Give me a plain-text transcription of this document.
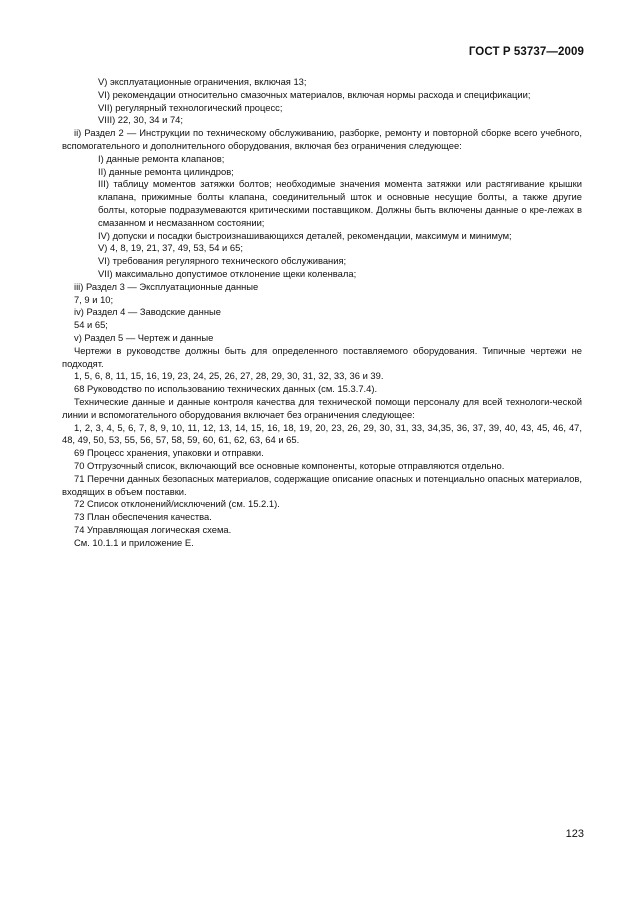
ГОСТ Р 53737—2009
V) эксплуатационные ограничения, включая 13;
VI) рекомендации относительно смазочных материалов, включая нормы расхода и спецификации;
VII) регулярный технологический процесс;
VIII) 22, 30, 34 и 74;
ii) Раздел 2 — Инструкции по техническому обслуживанию, разборке, ремонту и повторной сборке всего учебного, вспомогательного и дополнительного оборудования, включая без ограничения следующее:
I) данные ремонта клапанов;
II) данные ремонта цилиндров;
III) таблицу моментов затяжки болтов; необходимые значения момента затяжки или растягивание крышки клапана, прижимные болты клапана, соединительный шток и основные несущие болты, а также другие болты, которые подразумеваются критическими поставщиком. Должны быть включены данные о кре-лежах в смазанном и несмазанном состоянии;
IV) допуски и посадки быстроизнашивающихся деталей, рекомендации, максимум и минимум;
V) 4, 8, 19, 21, 37, 49, 53, 54 и 65;
VI) требования регулярного технического обслуживания;
VII) максимально допустимое отклонение щеки коленвала;
iii) Раздел 3 — Эксплуатационные данные
7, 9 и 10;
iv) Раздел 4 — Заводские данные
54 и 65;
v) Раздел 5 — Чертеж и данные
Чертежи в руководстве должны быть для определенного поставляемого оборудования. Типичные чертежи не подходят.
1, 5, 6, 8, 11, 15, 16, 19, 23, 24, 25, 26, 27, 28, 29, 30, 31, 32, 33, 36 и 39.
68 Руководство по использованию технических данных (см. 15.3.7.4).
Технические данные и данные контроля качества для технической помощи персоналу для всей технологи-ческой линии и вспомогательного оборудования включает без ограничения следующее:
1, 2, 3, 4, 5, 6, 7, 8, 9, 10, 11, 12, 13, 14, 15, 16, 18, 19, 20, 23, 26, 29, 30, 31, 33, 34,35, 36, 37, 39, 40, 43, 45, 46, 47, 48, 49, 50, 53, 55, 56, 57, 58, 59, 60, 61, 62, 63, 64 и 65.
69 Процесс хранения, упаковки и отправки.
70 Отгрузочный список, включающий все основные компоненты, которые отправляются отдельно.
71 Перечни данных безопасных материалов, содержащие описание опасных и потенциально опасных материалов, входящих в объем поставки.
72 Список отклонений/исключений (см. 15.2.1).
73 План обеспечения качества.
74 Управляющая логическая схема.
См. 10.1.1 и приложение Е.
123
